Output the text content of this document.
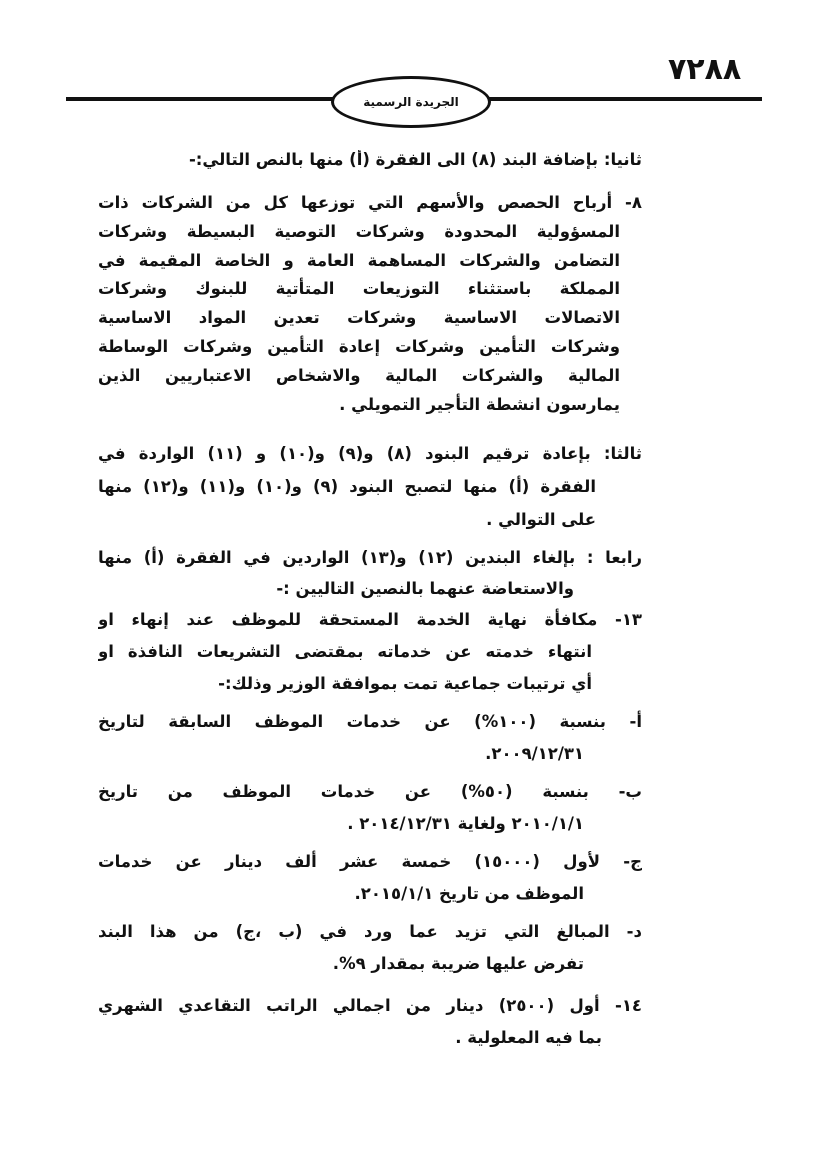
٧٢٨٨
الجريدة الرسمية
ثانيا: بإضافة البند (٨) الى الفقرة (أ) منها بالنص التالي:-
٨- أرباح الحصص والأسهم التي توزعها كل من الشركات ذات
المسؤولية المحدودة وشركات التوصية البسيطة وشركات
التضامن والشركات المساهمة العامة و الخاصة المقيمة في
المملكة باستثناء التوزيعات المتأتية للبنوك وشركات
الاتصالات الاساسية وشركات تعدين المواد الاساسية
وشركات التأمين وشركات إعادة التأمين وشركات الوساطة
المالية والشركات المالية والاشخاص الاعتباريين الذين
يمارسون انشطة التأجير التمويلي .
ثالثا: بإعادة ترقيم البنود (٨) و(٩) و(١٠) و (١١) الواردة في
الفقرة (أ) منها لتصبح البنود (٩) و(١٠) و(١١) و(١٢) منها
على التوالي .
رابعا : بإلغاء البندين (١٢) و(١٣) الواردين في الفقرة (أ) منها
والاستعاضة عنهما بالنصين التاليين :-
١٣- مكافأة نهاية الخدمة المستحقة للموظف عند إنهاء او
انتهاء خدمته عن خدماته بمقتضى التشريعات النافذة او
أي ترتيبات جماعية تمت بموافقة الوزير وذلك:-
أ- بنسبة (١٠٠%) عن خدمات الموظف السابقة لتاريخ
٢٠٠٩/١٢/٣١.
ب- بنسبة (٥٠%) عن خدمات الموظف من تاريخ
٢٠١٠/١/١ ولغاية ٢٠١٤/١٢/٣١ .
ج- لأول (١٥٠٠٠) خمسة عشر ألف دينار عن خدمات
الموظف من تاريخ ٢٠١٥/١/١.
د- المبالغ التي تزيد عما ورد في (ب ،ج) من هذا البند
تفرض عليها ضريبة بمقدار ٩%.
١٤- أول (٢٥٠٠) دينار من اجمالي الراتب التقاعدي الشهري
بما فيه المعلولية .
